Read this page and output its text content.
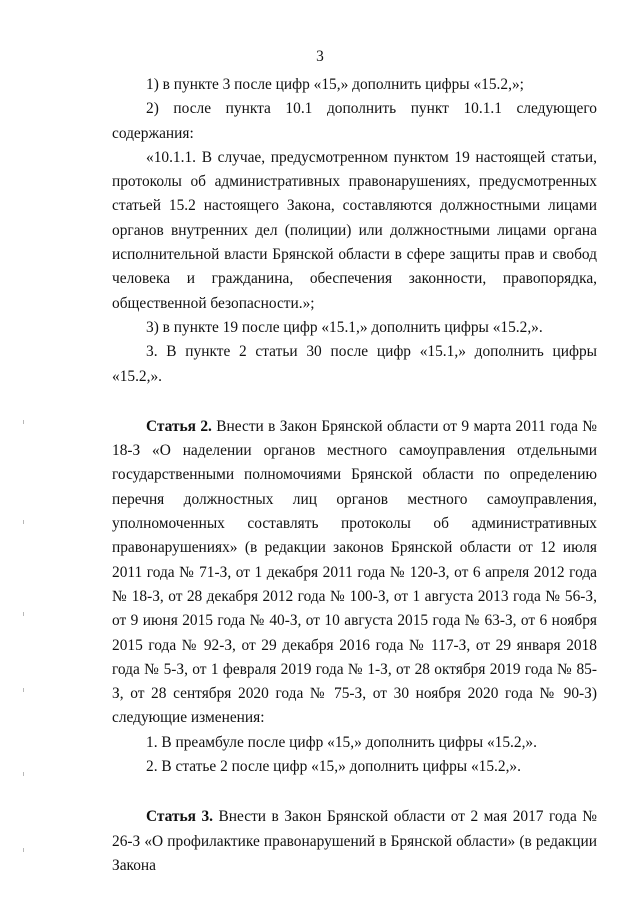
3

1) в пункте 3 после цифр «15,» дополнить цифры «15.2,»;

2) после пункта 10.1 дополнить пункт 10.1.1 следующего содержания:

«10.1.1. В случае, предусмотренном пунктом 19 настоящей статьи, протоколы об административных правонарушениях, предусмотренных статьей 15.2 настоящего Закона, составляются должностными лицами органов внутренних дел (полиции) или должностными лицами органа исполнительной власти Брянской области в сфере защиты прав и свобод человека и гражданина, обеспечения законности, правопорядка, общественной безопасности.»;

3) в пункте 19 после цифр «15.1,» дополнить цифры «15.2,».

3. В пункте 2 статьи 30 после цифр «15.1,» дополнить цифры «15.2,».

Статья 2. Внести в Закон Брянской области от 9 марта 2011 года № 18-З «О наделении органов местного самоуправления отдельными государственными полномочиями Брянской области по определению перечня должностных лиц органов местного самоуправления, уполномоченных составлять протоколы об административных правонарушениях» (в редакции законов Брянской области от 12 июля 2011 года № 71-З, от 1 декабря 2011 года № 120-З, от 6 апреля 2012 года № 18-З, от 28 декабря 2012 года № 100-З, от 1 августа 2013 года № 56-З, от 9 июня 2015 года № 40-З, от 10 августа 2015 года № 63-З, от 6 ноября 2015 года № 92-З, от 29 декабря 2016 года № 117-З, от 29 января 2018 года № 5-З, от 1 февраля 2019 года № 1-З, от 28 октября 2019 года № 85-З, от 28 сентября 2020 года № 75-З, от 30 ноября 2020 года № 90-З) следующие изменения:

1. В преамбуле после цифр «15,» дополнить цифры «15.2,».

2. В статье 2 после цифр «15,» дополнить цифры «15.2,».

Статья 3. Внести в Закон Брянской области от 2 мая 2017 года № 26-З «О профилактике правонарушений в Брянской области» (в редакции Закона
